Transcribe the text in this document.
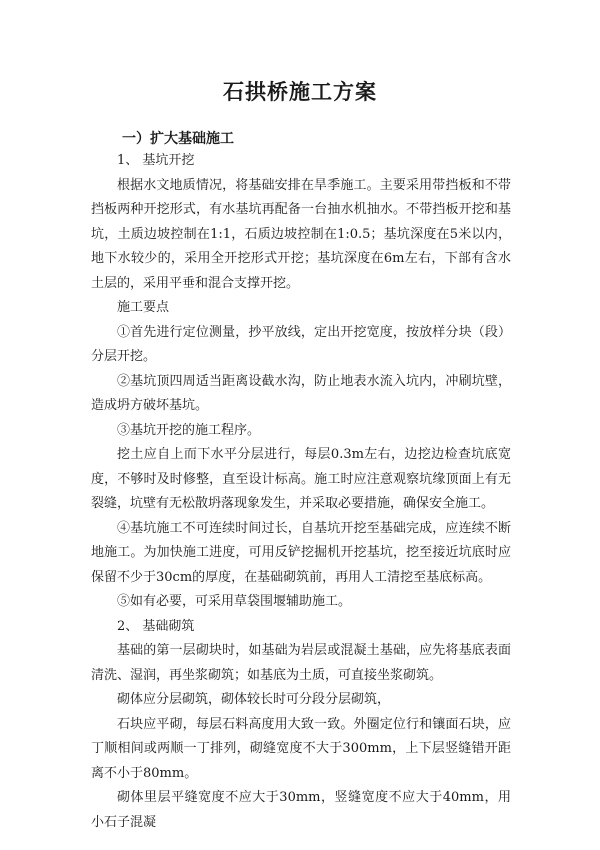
石拱桥施工方案
一）扩大基础施工

1、 基坑开挖

根据水文地质情况，将基础安排在旱季施工。主要采用带挡板和不带挡板两种开挖形式，有水基坑再配备一台抽水机抽水。不带挡板开挖和基坑，土质边坡控制在1:1，石质边坡控制在1:0.5；基坑深度在5米以内，地下水较少的，采用全开挖形式开挖；基坑深度在6m左右，下部有含水土层的，采用平垂和混合支撑开挖。

施工要点

①首先进行定位测量，抄平放线，定出开挖宽度，按放样分块（段）分层开挖。

②基坑顶四周适当距离设截水沟，防止地表水流入坑内，冲刷坑壁，造成坍方破坏基坑。

③基坑开挖的施工程序。

挖土应自上而下水平分层进行，每层0.3m左右，边挖边检查坑底宽度，不够时及时修整，直至设计标高。施工时应注意观察坑缘顶面上有无裂缝，坑壁有无松散坍落现象发生，并采取必要措施，确保安全施工。

④基坑施工不可连续时间过长，自基坑开挖至基础完成，应连续不断地施工。为加快施工进度，可用反铲挖掘机开挖基坑，挖至接近坑底时应保留不少于30cm的厚度，在基础砌筑前，再用人工清挖至基底标高。

⑤如有必要，可采用草袋围堰辅助施工。

2、 基础砌筑

基础的第一层砌块时，如基础为岩层或混凝土基础，应先将基底表面清洗、湿润，再坐浆砌筑；如基底为土质，可直接坐浆砌筑。

砌体应分层砌筑，砌体较长时可分段分层砌筑，

石块应平砌，每层石料高度用大致一致。外圈定位行和镶面石块，应丁顺相间或两顺一丁排列，砌缝宽度不大于300mm，上下层竖缝错开距离不小于80mm。

砌体里层平缝宽度不应大于30mm，竖缝宽度不应大于40mm，用小石子混凝
